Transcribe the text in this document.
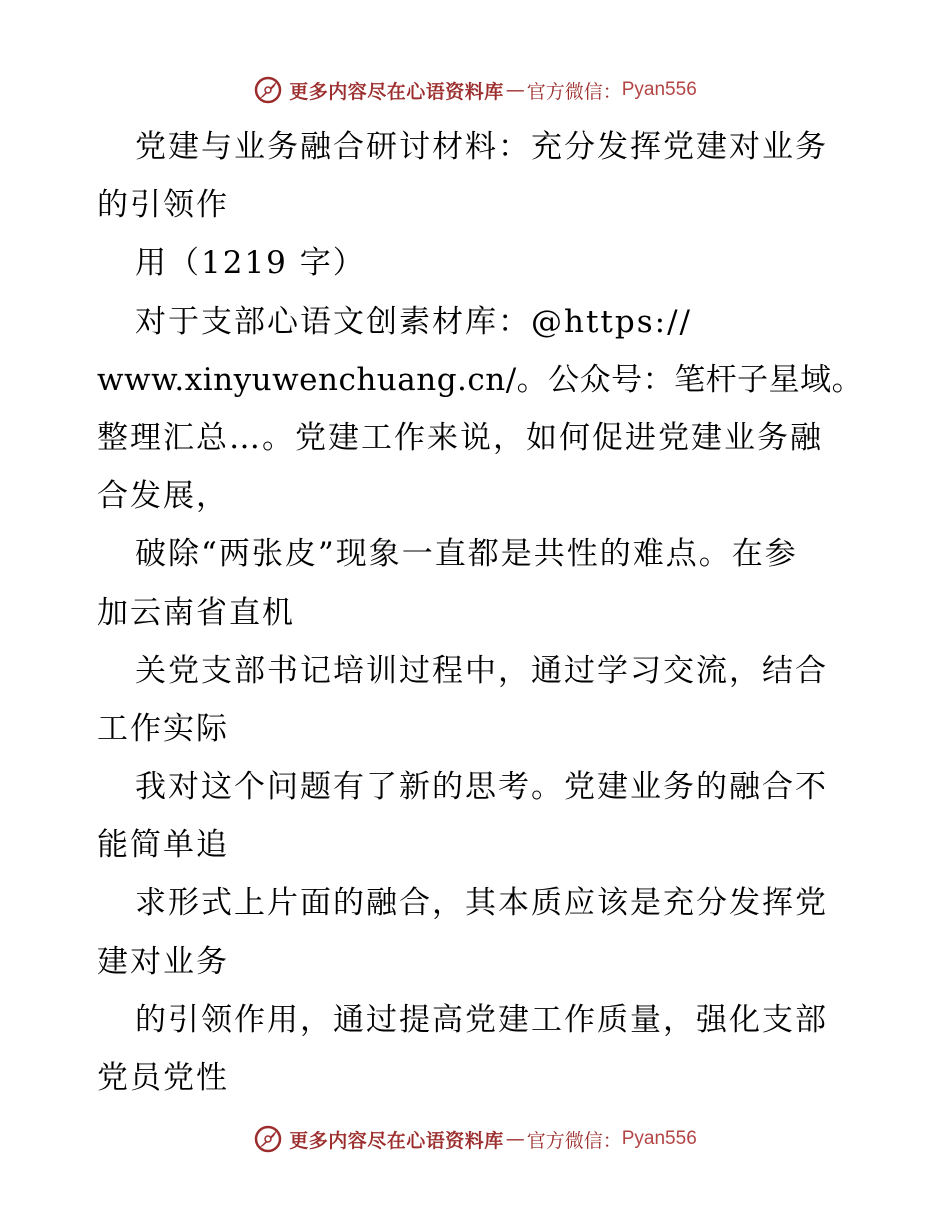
更多内容尽在心语资料库 — 官方微信： Pyan556
党建与业务融合研讨材料：充分发挥党建对业务
的引领作
用（1219 字）
对于支部心语文创素材库：@https://
www.xinyuwenchuang.cn/。公众号：笔杆子星域。
整理汇总…。党建工作来说，如何促进党建业务融
合发展，
破除“两张皮”现象一直都是共性的难点。在参
加云南省直机
关党支部书记培训过程中，通过学习交流，结合
工作实际
我对这个问题有了新的思考。党建业务的融合不
能简单追
求形式上片面的融合，其本质应该是充分发挥党
建对业务
的引领作用，通过提高党建工作质量，强化支部
党员党性
更多内容尽在心语资料库 — 官方微信： Pyan556
